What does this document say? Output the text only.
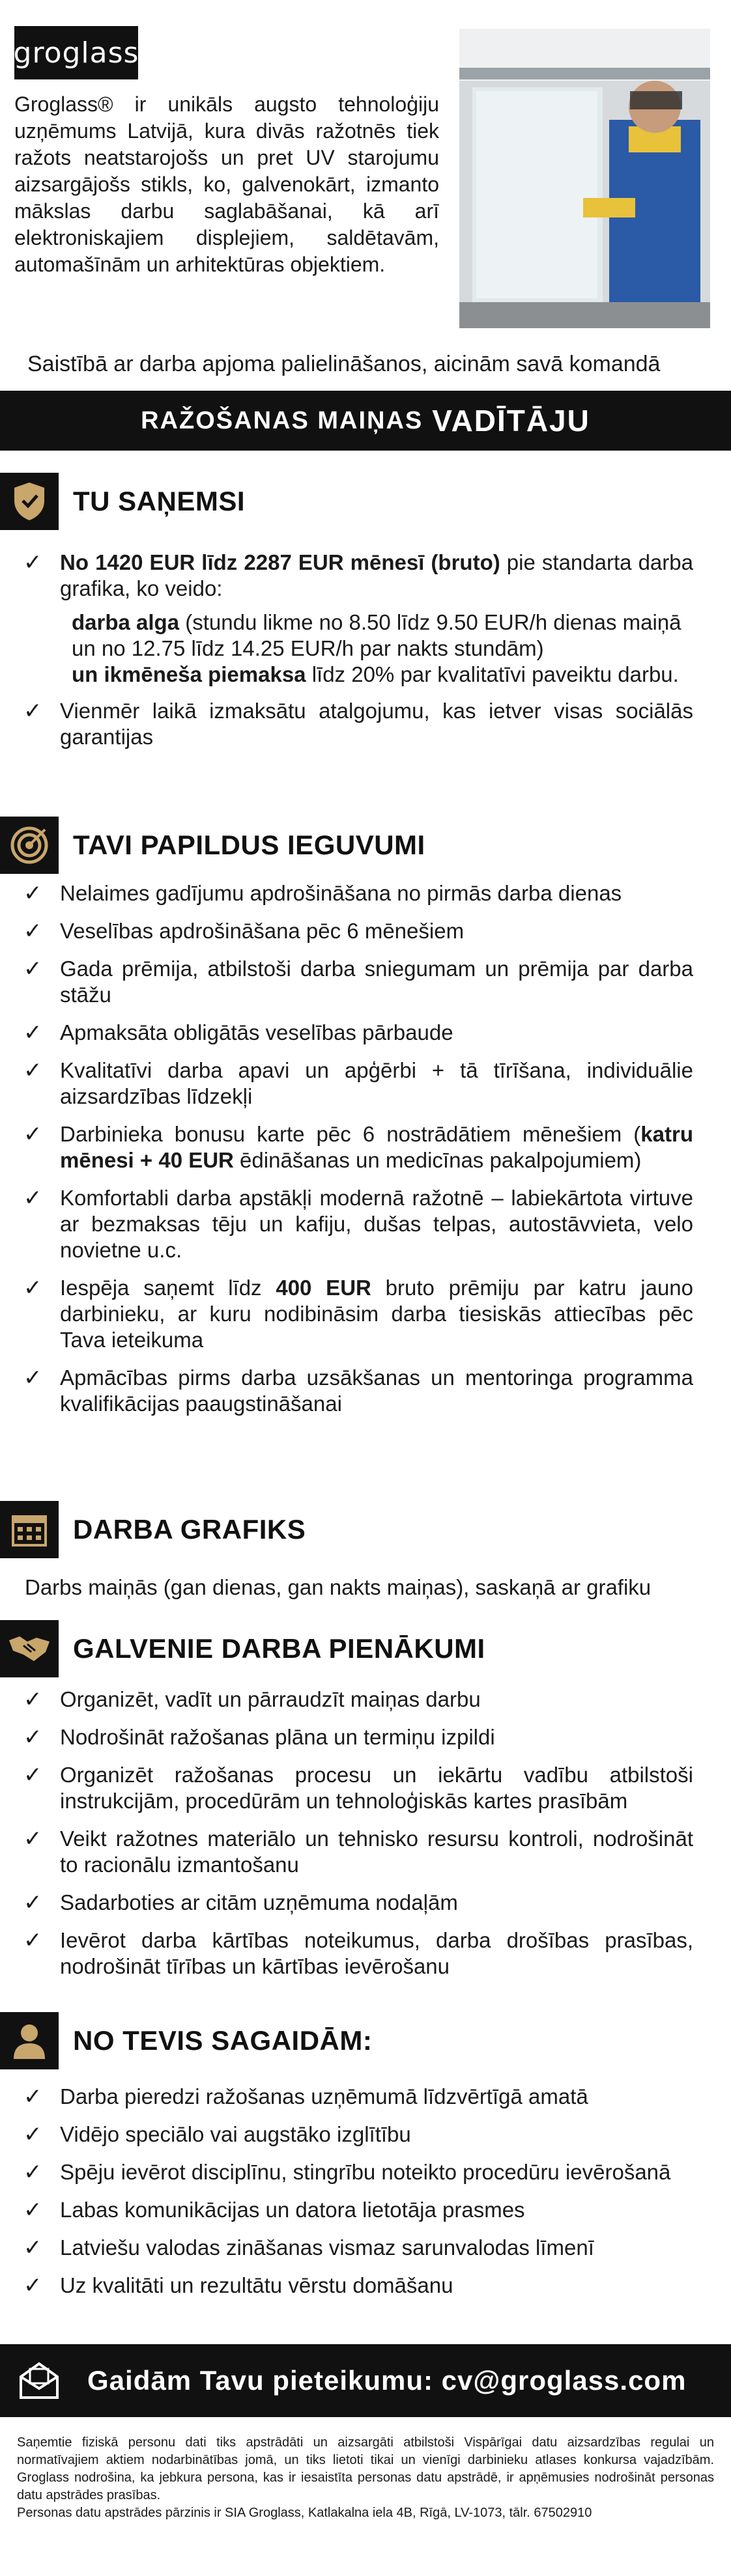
groglass

Groglass® ir unikāls augsto tehnoloģiju uzņēmums Latvijā, kura divās ražotnēs tiek ražots neatstarojošs un pret UV starojumu aizsargājošs stikls, ko, galvenokārt, izmanto mākslas darbu saglabāšanai, kā arī elektroniskajiem displejiem, saldētavām, automašīnām un arhitektūras objektiem.

Saistībā ar darba apjoma palielināšanos, aicinām savā komandā
RAŽOŠANAS MAIŅAS VADĪTĀJU
TU SAŅEMSI
✓ No 1420 EUR līdz 2287 EUR mēnesī (bruto) pie standarta darba grafika, ko veido:
darba alga (stundu likme no 8.50 līdz 9.50 EUR/h dienas maiņā un no 12.75 līdz 14.25 EUR/h par nakts stundām)
un ikmēneša piemaksa līdz 20% par kvalitatīvi paveiktu darbu.
✓ Vienmēr laikā izmaksātu atalgojumu, kas ietver visas sociālās garantijas
TAVI PAPILDUS IEGUVUMI
✓ Nelaimes gadījumu apdrošināšana no pirmās darba dienas
✓ Veselības apdrošināšana pēc 6 mēnešiem
✓ Gada prēmija, atbilstoši darba sniegumam un prēmija par darba stāžu
✓ Apmaksāta obligātās veselības pārbaude
✓ Kvalitatīvi darba apavi un apģērbi + tā tīrīšana, individuālie aizsardzības līdzekļi
✓ Darbinieka bonusu karte pēc 6 nostrādātiem mēnešiem (katru mēnesi + 40 EUR ēdināšanas un medicīnas pakalpojumiem)
✓ Komfortabli darba apstākļi modernā ražotnē – labiekārtota virtuve ar bezmaksas tēju un kafiju, dušas telpas, autostāvvieta, velo novietne u.c.
✓ Iespēja saņemt līdz 400 EUR bruto prēmiju par katru jauno darbinieku, ar kuru nodibināsim darba tiesiskās attiecības pēc Tava ieteikuma
✓ Apmācības pirms darba uzsākšanas un mentoringa programma kvalifikācijas paaugstināšanai
DARBA GRAFIKS

Darbs maiņās (gan dienas, gan nakts maiņas), saskaņā ar grafiku

GALVENIE DARBA PIENĀKUMI
✓ Organizēt, vadīt un pārraudzīt maiņas darbu
✓ Nodrošināt ražošanas plāna un termiņu izpildi
✓ Organizēt ražošanas procesu un iekārtu vadību atbilstoši instrukcijām, procedūrām un tehnoloģiskās kartes prasībām
✓ Veikt ražotnes materiālo un tehnisko resursu kontroli, nodrošināt to racionālu izmantošanu
✓ Sadarboties ar citām uzņēmuma nodaļām
✓ Ievērot darba kārtības noteikumus, darba drošības prasības, nodrošināt tīrības un kārtības ievērošanu
NO TEVIS SAGAIDĀM:
✓ Darba pieredzi ražošanas uzņēmumā līdzvērtīgā amatā
✓ Vidējo speciālo vai augstāko izglītību
✓ Spēju ievērot disciplīnu, stingrību noteikto procedūru ievērošanā
✓ Labas komunikācijas un datora lietotāja prasmes
✓ Latviešu valodas zināšanas vismaz sarunvalodas līmenī
✓ Uz kvalitāti un rezultātu vērstu domāšanu
Gaidām Tavu pieteikumu: cv@groglass.com

Saņemtie fiziskā personu dati tiks apstrādāti un aizsargāti atbilstoši Vispārīgai datu aizsardzības regulai un normatīvajiem aktiem nodarbinātības jomā, un tiks lietoti tikai un vienīgi darbinieku atlases konkursa vajadzībām. Groglass nodrošina, ka jebkura persona, kas ir iesaistīta personas datu apstrādē, ir apņēmusies nodrošināt personas datu apstrādes prasības.

Personas datu apstrādes pārzinis ir SIA Groglass, Katlakalna iela 4B, Rīgā, LV-1073, tālr. 67502910
